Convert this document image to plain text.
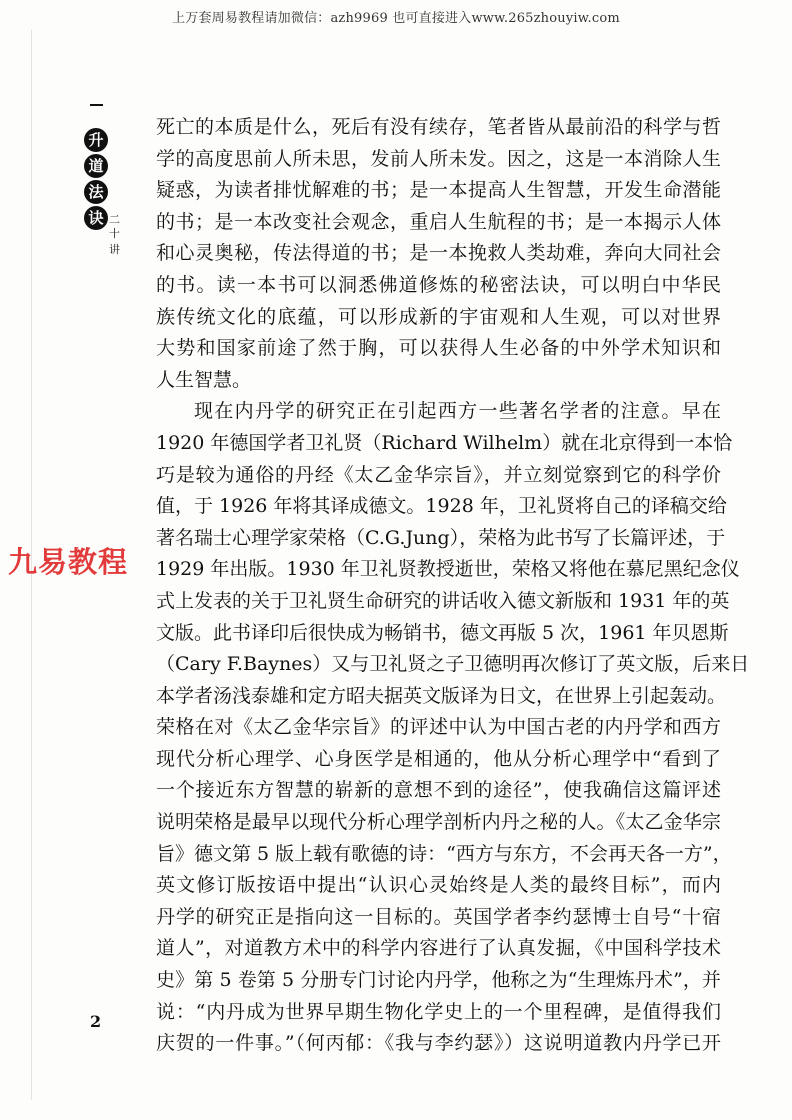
上万套周易教程请加微信：azh9969 也可直接进入www.265zhouyiw.com
升
道
法
诀 二
十
讲
九易教程
死亡的本质是什么，死后有没有续存，笔者皆从最前沿的科学与哲
学的高度思前人所未思，发前人所未发。因之，这是一本消除人生
疑惑，为读者排忧解难的书；是一本提高人生智慧，开发生命潜能
的书；是一本改变社会观念，重启人生航程的书；是一本揭示人体
和心灵奥秘，传法得道的书；是一本挽救人类劫难，奔向大同社会
的书。读一本书可以洞悉佛道修炼的秘密法诀，可以明白中华民
族传统文化的底蕴，可以形成新的宇宙观和人生观，可以对世界
大势和国家前途了然于胸，可以获得人生必备的中外学术知识和
人生智慧。
现在内丹学的研究正在引起西方一些著名学者的注意。早在
1920 年德国学者卫礼贤（Richard Wilhelm）就在北京得到一本恰
巧是较为通俗的丹经《太乙金华宗旨》，并立刻觉察到它的科学价
值，于 1926 年将其译成德文。1928 年，卫礼贤将自己的译稿交给
著名瑞士心理学家荣格（C.G.Jung），荣格为此书写了长篇评述，于
1929 年出版。1930 年卫礼贤教授逝世，荣格又将他在慕尼黑纪念仪
式上发表的关于卫礼贤生命研究的讲话收入德文新版和 1931 年的英
文版。此书译印后很快成为畅销书，德文再版 5 次，1961 年贝恩斯
（Cary F.Baynes）又与卫礼贤之子卫德明再次修订了英文版，后来日
本学者汤浅泰雄和定方昭夫据英文版译为日文，在世界上引起轰动。
荣格在对《太乙金华宗旨》的评述中认为中国古老的内丹学和西方
现代分析心理学、心身医学是相通的，他从分析心理学中“看到了
一个接近东方智慧的崭新的意想不到的途径”，使我确信这篇评述
说明荣格是最早以现代分析心理学剖析内丹之秘的人。《太乙金华宗
旨》德文第 5 版上载有歌德的诗：“西方与东方，不会再天各一方”，
英文修订版按语中提出“认识心灵始终是人类的最终目标”，而内
丹学的研究正是指向这一目标的。英国学者李约瑟博士自号“十宿
道人”，对道教方术中的科学内容进行了认真发掘，《中国科学技术
史》第 5 卷第 5 分册专门讨论内丹学，他称之为“生理炼丹术”，并
说：“内丹成为世界早期生物化学史上的一个里程碑，是值得我们
庆贺的一件事。”（何丙郁：《我与李约瑟》）这说明道教内丹学已开
2
